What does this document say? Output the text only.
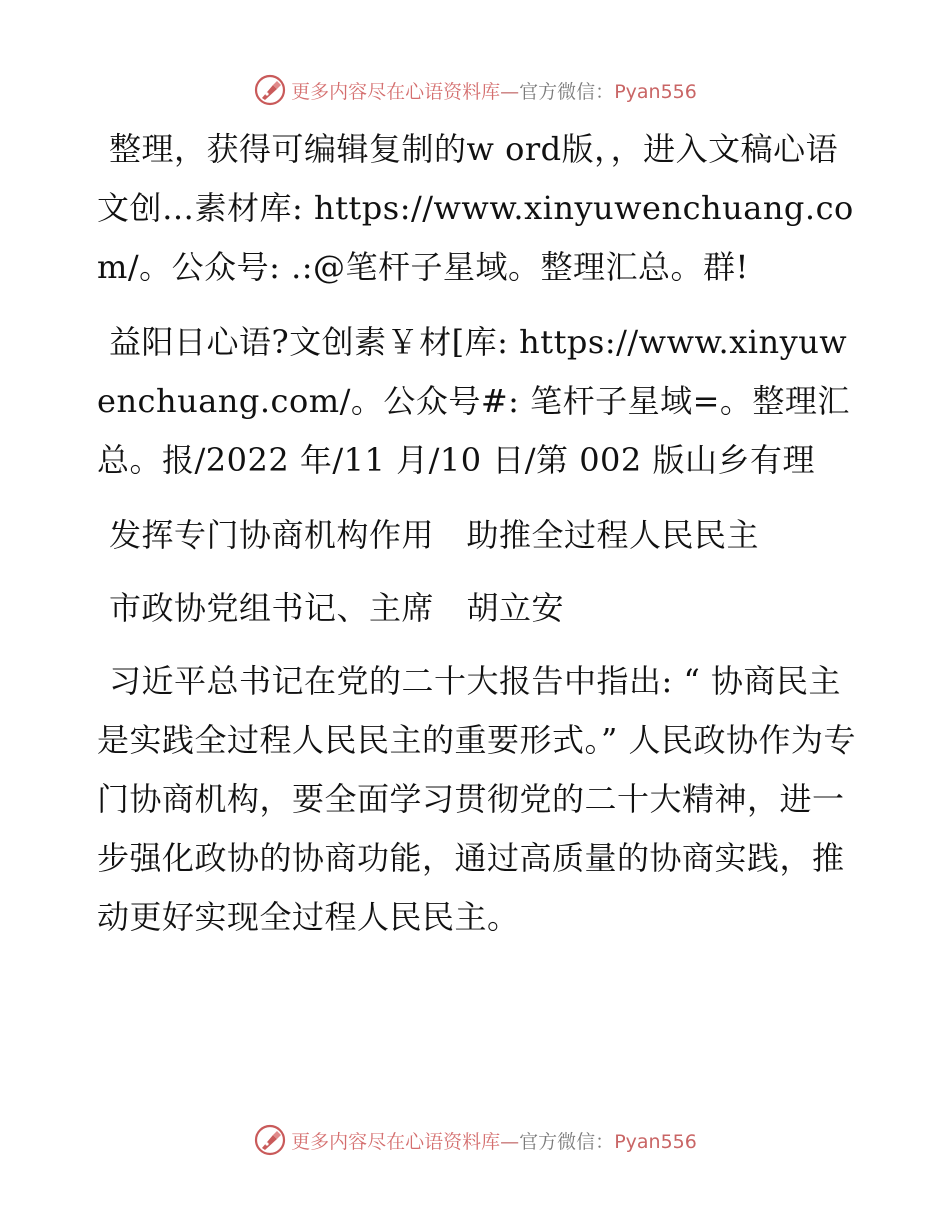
更多内容尽在心语资料库—官方微信：Pyan556

整理，获得可编辑复制的w ord版，，进入文稿心语文创…素材库: https://www.xinyuwenchuang.com/。公众号: .:@笔杆子星域。整理汇总。群!

益阳日心语?文创素￥材[库: https://www.xinyuwenchuang.com/。公众号#: 笔杆子星域=。整理汇总。报/2022 年/11 月/10 日/第 002 版山乡有理

发挥专门协商机构作用　助推全过程人民民主

市政协党组书记、主席　胡立安

习近平总书记在党的二十大报告中指出: “ 协商民主是实践全过程人民民主的重要形式。” 人民政协作为专门协商机构，要全面学习贯彻党的二十大精神，进一步强化政协的协商功能，通过高质量的协商实践，推动更好实现全过程人民民主。

更多内容尽在心语资料库—官方微信：Pyan556
